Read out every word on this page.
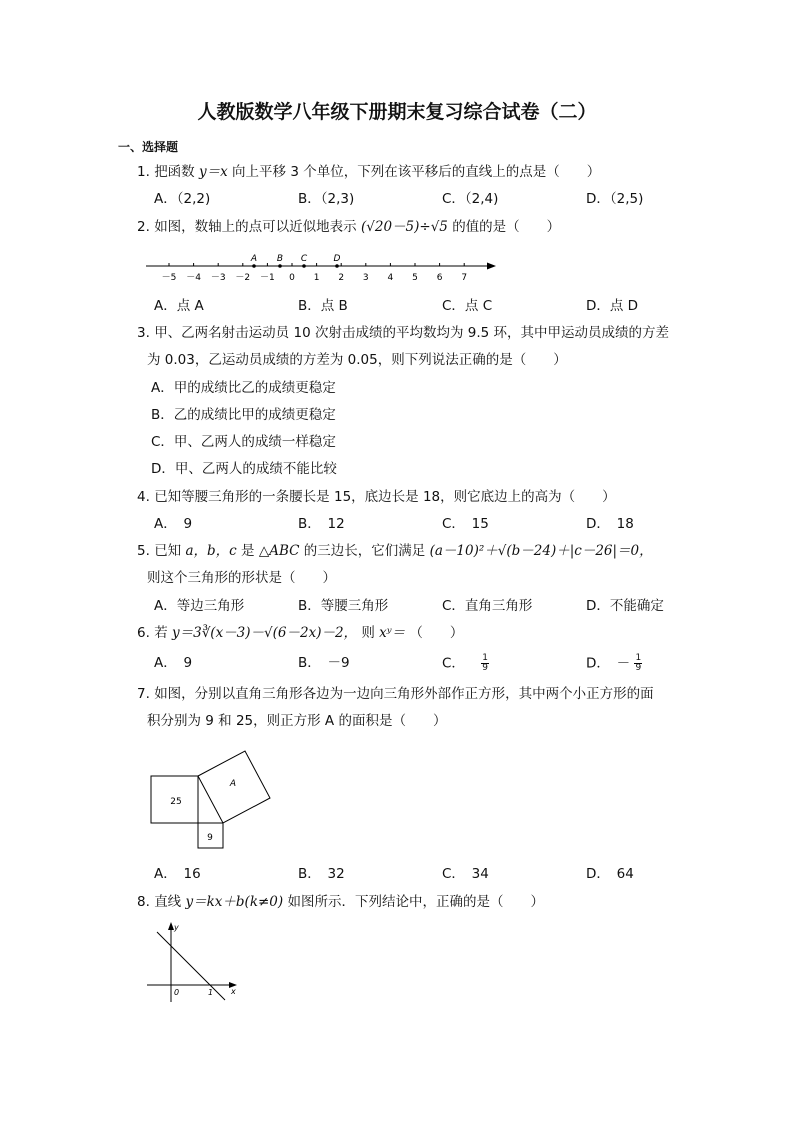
人教版数学八年级下册期末复习综合试卷（二）
一、选择题
1. 把函数 y＝x 向上平移 3 个单位，下列在该平移后的直线上的点是（　　）
A．（2,2)	B．（2,3)	C．（2,4)	D．（2,5)
2. 如图，数轴上的点可以近似地表示 (√20－5)÷√5 的值的是（　　）
－5 －4 －3 －2 －1 0 1 2 3 4 5 6 7
A B C	D
A．点 A	B．点 B	C．点 C	D．点 D
3. 甲、乙两名射击运动员 10 次射击成绩的平均数均为 9.5 环，其中甲运动员成绩的方差
为 0.03，乙运动员成绩的方差为 0.05，则下列说法正确的是（　　）
A．甲的成绩比乙的成绩更稳定
B．乙的成绩比甲的成绩更稳定
C．甲、乙两人的成绩一样稳定
D．甲、乙两人的成绩不能比较
4. 已知等腰三角形的一条腰长是 15，底边长是 18，则它底边上的高为（　　）
A．　9	B．　12	C．　15	D．　18
5. 已知 a，b，c 是 △ABC 的三边长，它们满足 (a－10)²＋√(b－24)＋|c－26|＝0，
则这个三角形的形状是（　　）
A．等边三角形	B．等腰三角形	C．直角三角形	D．不能确定
6. 若 y＝3∛(x－3)－√(6－2x)－2， 则 xʸ＝ （　　）
A．　9	B．　－9	C． $\frac{1}{9}$	D．　－ $\frac{1}{9}$
7. 如图，分别以直角三角形各边为一边向三角形外部作正方形，其中两个小正方形的面
积分别为 9 和 25，则正方形 A 的面积是（　　）
25
9
A
A．　16	B．　32	C．　34	D．　64
8. 直线 y＝kx＋b(k≠0) 如图所示．下列结论中，正确的是（　　）
y
x
0	1
